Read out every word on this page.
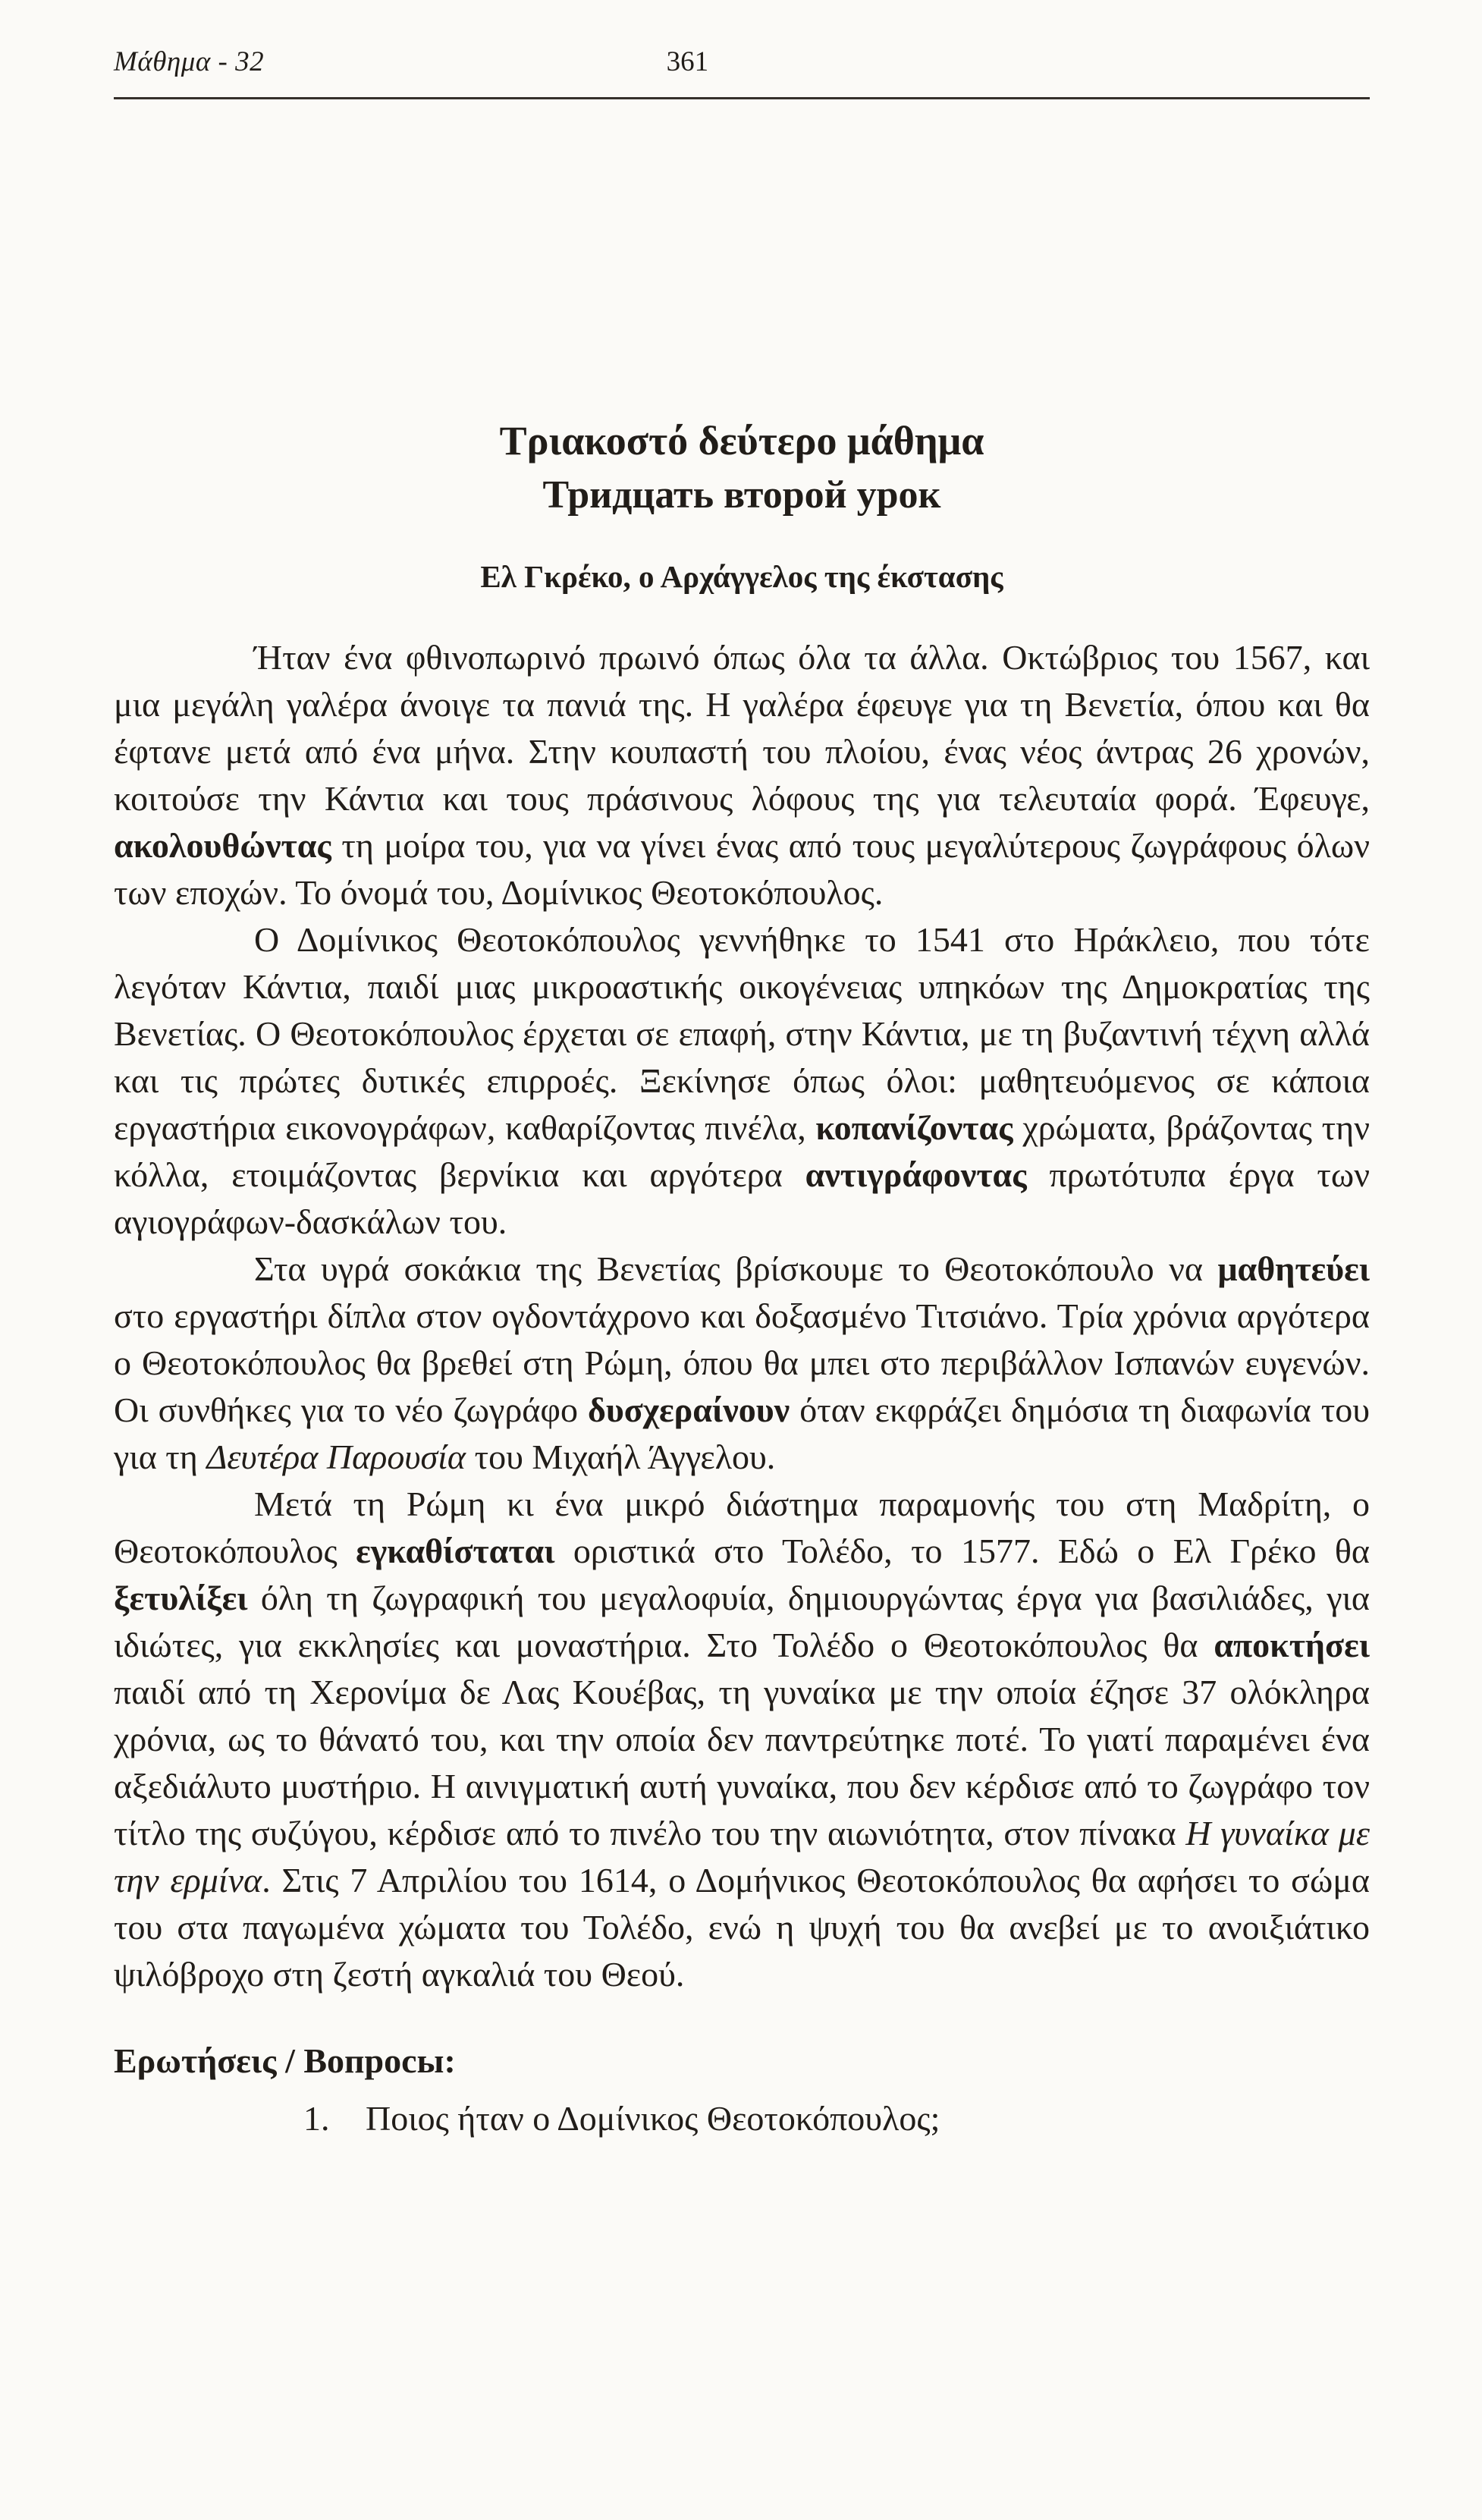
Μάθημα - 32	361
Τριακοστό δεύτερο μάθημα
Тридцать второй урок
Ελ Γκρέκο, ο Αρχάγγελος της έκστασης

Ήταν ένα φθινοπωρινό πρωινό όπως όλα τα άλλα. Οκτώβριος του 1567, και μια μεγάλη γαλέρα άνοιγε τα πανιά της. Η γαλέρα έφευγε για τη Βενετία, όπου και θα έφτανε μετά από ένα μήνα. Στην κουπαστή του πλοίου, ένας νέος άντρας 26 χρονών, κοιτούσε την Κάντια και τους πράσινους λόφους της για τελευταία φορά. Έφευγε, ακολουθώντας τη μοίρα του, για να γίνει ένας από τους μεγαλύτερους ζωγράφους όλων των εποχών. Το όνομά του, Δομίνικος Θεοτοκόπουλος.

Ο Δομίνικος Θεοτοκόπουλος γεννήθηκε το 1541 στο Ηράκλειο, που τότε λεγόταν Κάντια, παιδί μιας μικροαστικής οικογένειας υπηκόων της Δημοκρατίας της Βενετίας. Ο Θεοτοκόπουλος έρχεται σε επαφή, στην Κάντια, με τη βυζαντινή τέχνη αλλά και τις πρώτες δυτικές επιρροές. Ξεκίνησε όπως όλοι: μαθητευόμενος σε κάποια εργαστήρια εικονογράφων, καθαρίζοντας πινέλα, κοπανίζοντας χρώματα, βράζοντας την κόλλα, ετοιμάζοντας βερνίκια και αργότερα αντιγράφοντας πρωτότυπα έργα των αγιογράφων-δασκάλων του.

Στα υγρά σοκάκια της Βενετίας βρίσκουμε το Θεοτοκόπουλο να μαθητεύει στο εργαστήρι δίπλα στον ογδοντάχρονο και δοξασμένο Τιτσιάνο. Τρία χρόνια αργότερα ο Θεοτοκόπουλος θα βρεθεί στη Ρώμη, όπου θα μπει στο περιβάλλον Ισπανών ευγενών. Οι συνθήκες για το νέο ζωγράφο δυσχεραίνουν όταν εκφράζει δημόσια τη διαφωνία του για τη Δευτέρα Παρουσία του Μιχαήλ Άγγελου.

Μετά τη Ρώμη κι ένα μικρό διάστημα παραμονής του στη Μαδρίτη, ο Θεοτοκόπουλος εγκαθίσταται οριστικά στο Τολέδο, το 1577. Εδώ ο Ελ Γρέκο θα ξετυλίξει όλη τη ζωγραφική του μεγαλοφυία, δημιουργώντας έργα για βασιλιάδες, για ιδιώτες, για εκκλησίες και μοναστήρια. Στο Τολέδο ο Θεοτοκόπουλος θα αποκτήσει παιδί από τη Χερονίμα δε Λας Κουέβας, τη γυναίκα με την οποία έζησε 37 ολόκληρα χρόνια, ως το θάνατό του, και την οποία δεν παντρεύτηκε ποτέ. Το γιατί παραμένει ένα αξεδιάλυτο μυστήριο. Η αινιγματική αυτή γυναίκα, που δεν κέρδισε από το ζωγράφο τον τίτλο της συζύγου, κέρδισε από το πινέλο του την αιωνιότητα, στον πίνακα Η γυναίκα με την ερμίνα. Στις 7 Απριλίου του 1614, ο Δομήνικος Θεοτοκόπουλος θα αφήσει το σώμα του στα παγωμένα χώματα του Τολέδο, ενώ η ψυχή του θα ανεβεί με το ανοιξιάτικο ψιλόβροχο στη ζεστή αγκαλιά του Θεού.

Ερωτήσεις / Вопросы:
1.	Ποιος ήταν ο Δομίνικος Θεοτοκόπουλος;
